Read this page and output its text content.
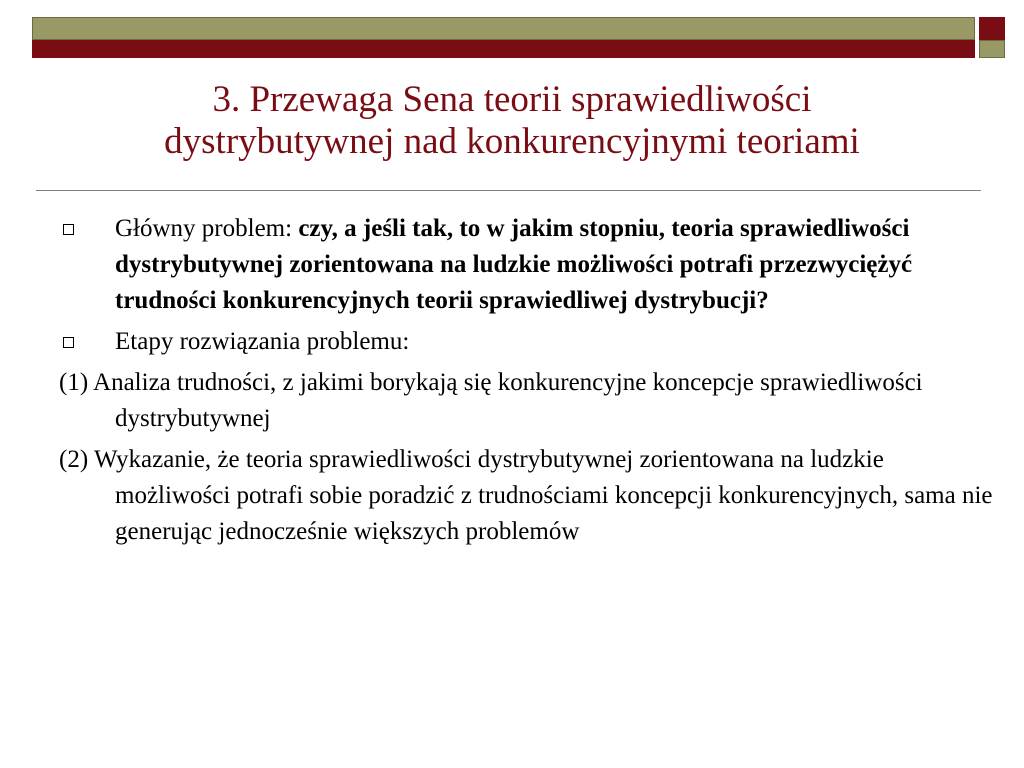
3. Przewaga Sena teorii sprawiedliwości
dystrybutywnej nad konkurencyjnymi teoriami
Główny problem: czy, a jeśli tak, to w jakim stopniu, teoria sprawiedliwości dystrybutywnej zorientowana na ludzkie możliwości potrafi przezwyciężyć trudności konkurencyjnych teorii sprawiedliwej dystrybucji?
Etapy rozwiązania problemu:
(1) Analiza trudności, z jakimi borykają się konkurencyjne koncepcje sprawiedliwości dystrybutywnej
(2) Wykazanie, że teoria sprawiedliwości dystrybutywnej zorientowana na ludzkie możliwości potrafi sobie poradzić z trudnościami koncepcji konkurencyjnych, sama nie generując jednocześnie większych problemów
